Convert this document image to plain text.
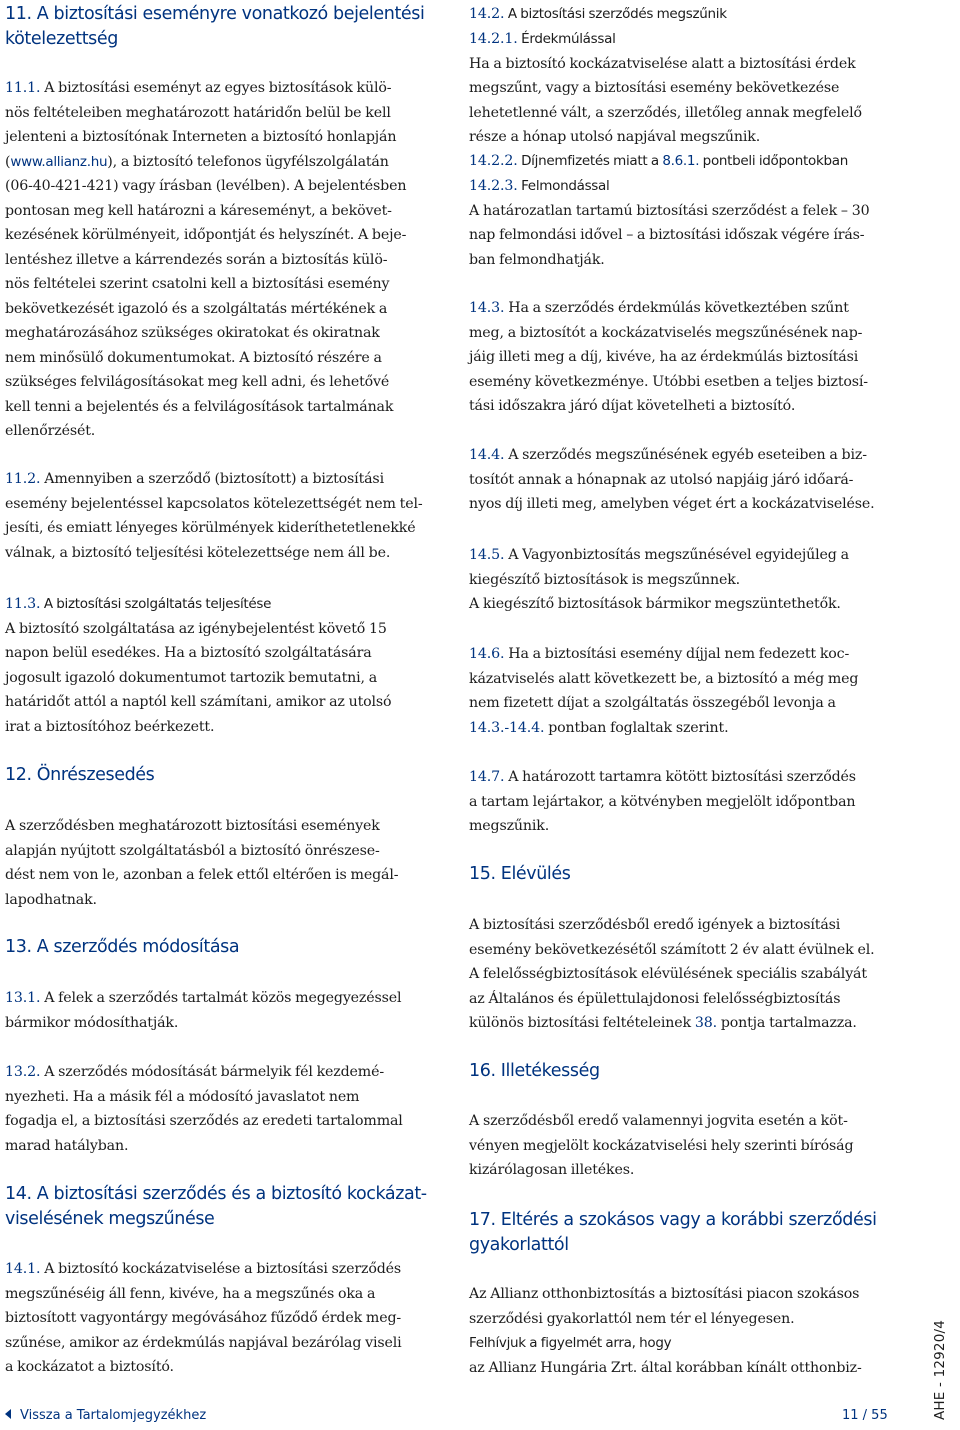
11. A biztosítási eseményre vonatkozó bejelentési
kötelezettség

11.1. A biztosítási eseményt az egyes biztosítások külö-

nös feltételeiben meghatározott határidőn belül be kell

jelenteni a biztosítónak Interneten a biztosító honlapján

(www.allianz.hu), a biztosító telefonos ügyfélszolgálatán

(06-40-421-421) vagy írásban (levélben). A bejelentésben

pontosan meg kell határozni a káreseményt, a bekövet-

kezésének körülményeit, időpontját és helyszínét. A beje-

lentéshez illetve a kárrendezés során a biztosítás külö-

nös feltételei szerint csatolni kell a biztosítási esemény

bekövetkezését igazoló és a szolgáltatás mértékének a

meghatározásához szükséges okiratokat és okiratnak

nem minősülő dokumentumokat. A biztosító részére a

szükséges felvilágosításokat meg kell adni, és lehetővé

kell tenni a bejelentés és a felvilágosítások tartalmának

ellenőrzését.

11.2. Amennyiben a szerződő (biztosított) a biztosítási

esemény bejelentéssel kapcsolatos kötelezettségét nem tel-

jesíti, és emiatt lényeges körülmények kideríthetetlenekké

válnak, a biztosító teljesítési kötelezettsége nem áll be.

11.3. A biztosítási szolgáltatás teljesítése

A biztosító szolgáltatása az igénybejelentést követő 15

napon belül esedékes. Ha a biztosító szolgáltatására

jogosult igazoló dokumentumot tartozik bemutatni, a

határidőt attól a naptól kell számítani, amikor az utolsó

irat a biztosítóhoz beérkezett.

12. Önrészesedés

A szerződésben meghatározott biztosítási események

alapján nyújtott szolgáltatásból a biztosító önrészese-

dést nem von le, azonban a felek ettől eltérően is megál-

lapodhatnak.

13. A szerződés módosítása

13.1. A felek a szerződés tartalmát közös megegyezéssel

bármikor módosíthatják.

13.2. A szerződés módosítását bármelyik fél kezdemé-

nyezheti. Ha a másik fél a módosító javaslatot nem

fogadja el, a biztosítási szerződés az eredeti tartalommal

marad hatályban.

14. A biztosítási szerződés és a biztosító kockázat-
viselésének megszűnése

14.1. A biztosító kockázatviselése a biztosítási szerződés

megszűnéséig áll fenn, kivéve, ha a megszűnés oka a

biztosított vagyontárgy megóvásához fűződő érdek meg-

szűnése, amikor az érdekmúlás napjával bezárólag viseli

a kockázatot a biztosító.

14.2. A biztosítási szerződés megszűnik

14.2.1. Érdekmúlással

Ha a biztosító kockázatviselése alatt a biztosítási érdek

megszűnt, vagy a biztosítási esemény bekövetkezése

lehetetlenné vált, a szerződés, illetőleg annak megfelelő

része a hónap utolsó napjával megszűnik.

14.2.2. Díjnemfizetés miatt a 8.6.1. pontbeli időpontokban

14.2.3. Felmondással

A határozatlan tartamú biztosítási szerződést a felek – 30

nap felmondási idővel – a biztosítási időszak végére írás-

ban felmondhatják.

14.3. Ha a szerződés érdekmúlás következtében szűnt

meg, a biztosítót a kockázatviselés megszűnésének nap-

jáig illeti meg a díj, kivéve, ha az érdekmúlás biztosítási

esemény következménye. Utóbbi esetben a teljes biztosí-

tási időszakra járó díjat követelheti a biztosító.

14.4. A szerződés megszűnésének egyéb eseteiben a biz-

tosítót annak a hónapnak az utolsó napjáig járó időará-

nyos díj illeti meg, amelyben véget ért a kockázatviselése.

14.5. A Vagyonbiztosítás megszűnésével egyidejűleg a

kiegészítő biztosítások is megszűnnek.

A kiegészítő biztosítások bármikor megszüntethetők.

14.6. Ha a biztosítási esemény díjjal nem fedezett koc-

kázatviselés alatt következett be, a biztosító a még meg

nem fizetett díjat a szolgáltatás összegéből levonja a

14.3.-14.4. pontban foglaltak szerint.

14.7. A határozott tartamra kötött biztosítási szerződés

a tartam lejártakor, a kötvényben megjelölt időpontban

megszűnik.

15. Elévülés

A biztosítási szerződésből eredő igények a biztosítási

esemény bekövetkezésétől számított 2 év alatt évülnek el.

A felelősségbiztosítások elévülésének speciális szabályát

az Általános és épülettulajdonosi felelősségbiztosítás

különös biztosítási feltételeinek 38. pontja tartalmazza.

16. Illetékesség

A szerződésből eredő valamennyi jogvita esetén a köt-

vényen megjelölt kockázatviselési hely szerinti bíróság

kizárólagosan illetékes.

17. Eltérés a szokásos vagy a korábbi szerződési
gyakorlattól

Az Allianz otthonbiztosítás a biztosítási piacon szokásos

szerződési gyakorlattól nem tér el lényegesen.

Felhívjuk a figyelmét arra, hogy

az Allianz Hungária Zrt. által korábban kínált otthonbiz-

Vissza a Tartalomjegyzékhez	11 / 55	AHE - 12920/4
